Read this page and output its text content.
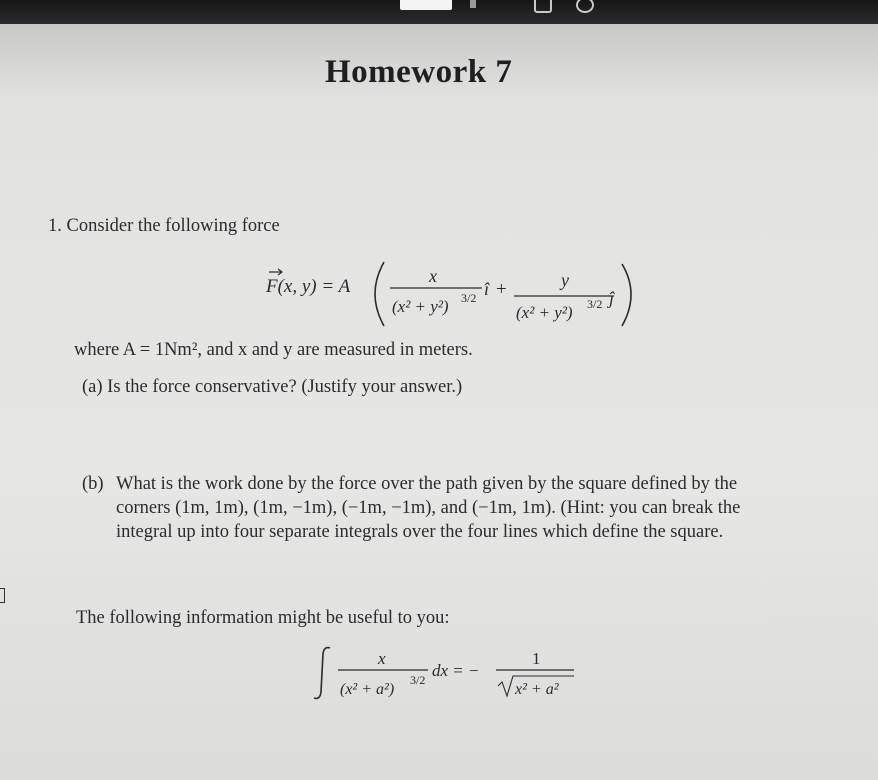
Homework 7
1. Consider the following force
F(x, y) = A	x
(x² + y²) 3/2 î +	y
(x² + y²) 3/2 ĵ
where A = 1Nm², and x and y are measured in meters.
(a) Is the force conservative? (Justify your answer.)
(b) What is the work done by the force over the path given by the square defined by the
corners (1m, 1m), (1m, −1m), (−1m, −1m), and (−1m, 1m). (Hint: you can break the
integral up into four separate integrals over the four lines which define the square.
The following information might be useful to you:
x
(x² + a²)
3/2 dx = −
1
x² + a²
